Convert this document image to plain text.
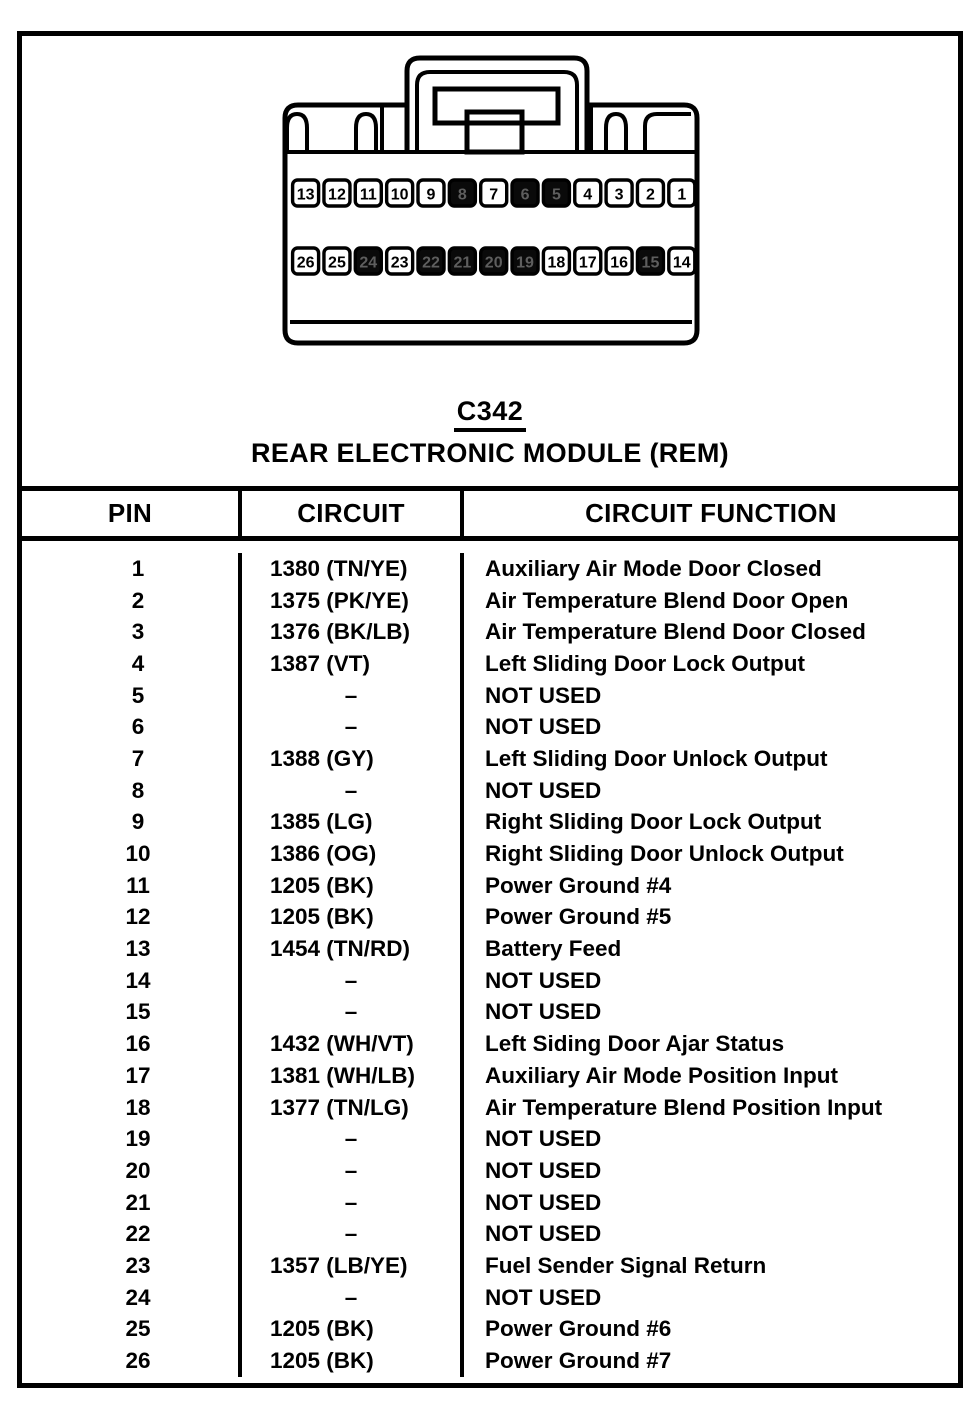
13 12 11 10 9 8 7 6 5 4 3 2 1
26 25 24 23 22 21 20 19 18 17 16 15 14
C342
REAR ELECTRONIC MODULE (REM)
PIN	CIRCUIT	CIRCUIT FUNCTION
1	1380 (TN/YE)	Auxiliary Air Mode Door Closed
2	1375 (PK/YE)	Air Temperature Blend Door Open
3	1376 (BK/LB)	Air Temperature Blend Door Closed
4	1387 (VT)	Left Sliding Door Lock Output
5	–	NOT USED
6	–	NOT USED
7	1388 (GY)	Left Sliding Door Unlock Output
8	–	NOT USED
9	1385 (LG)	Right Sliding Door Lock Output
10	1386 (OG)	Right Sliding Door Unlock Output
11	1205 (BK)	Power Ground #4
12	1205 (BK)	Power Ground #5
13	1454 (TN/RD)	Battery Feed
14	–	NOT USED
15	–	NOT USED
16	1432 (WH/VT)	Left Siding Door Ajar Status
17	1381 (WH/LB)	Auxiliary Air Mode Position Input
18	1377 (TN/LG)	Air Temperature Blend Position Input
19	–	NOT USED
20	–	NOT USED
21	–	NOT USED
22	–	NOT USED
23	1357 (LB/YE)	Fuel Sender Signal Return
24	–	NOT USED
25	1205 (BK)	Power Ground #6
26	1205 (BK)	Power Ground #7
